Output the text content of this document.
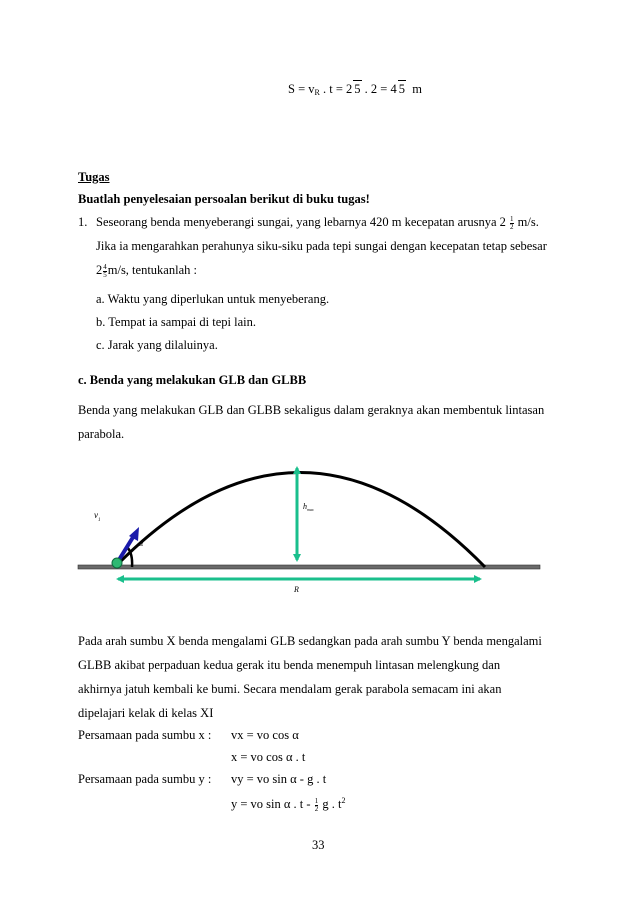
$S = v_R$ . t = 2 5 . 2 = 4 5 m
Tugas
Buatlah penyelesaian persoalan berikut di buku tugas!
1. Seseorang benda menyeberangi sungai, yang lebarnya 420 m kecepatan arusnya $2 \frac{1}{2} m/s$.
Jika ia mengarahkan perahunya siku-siku pada tepi sungai dengan kecepatan tetap sebesar
$2 \frac{4}{5} m/s$, tentukanlah :
a. Waktu yang diperlukan untuk menyeberang.
b. Tempat ia sampai di tepi lain.
c. Jarak yang dilaluinya.
c. Benda yang melakukan GLB dan GLBB
Benda yang melakukan GLB dan GLBB sekaligus dalam geraknya akan membentuk lintasan
parabola.
$v_1$
α
$h_{max}$
R
Pada arah sumbu X benda mengalami GLB sedangkan pada arah sumbu Y benda mengalami
GLBB akibat perpaduan kedua gerak itu benda menempuh lintasan melengkung dan
akhirnya jatuh kembali ke bumi. Secara mendalam gerak parabola semacam ini akan
dipelajari kelak di kelas XI
Persamaan pada sumbu x : vx = vo cos α
x = vo cos α . t
Persamaan pada sumbu y : vy = vo sin α - g . t
y = vo sin α . t - $\frac{1}{2}$ g . $t^2$
33
